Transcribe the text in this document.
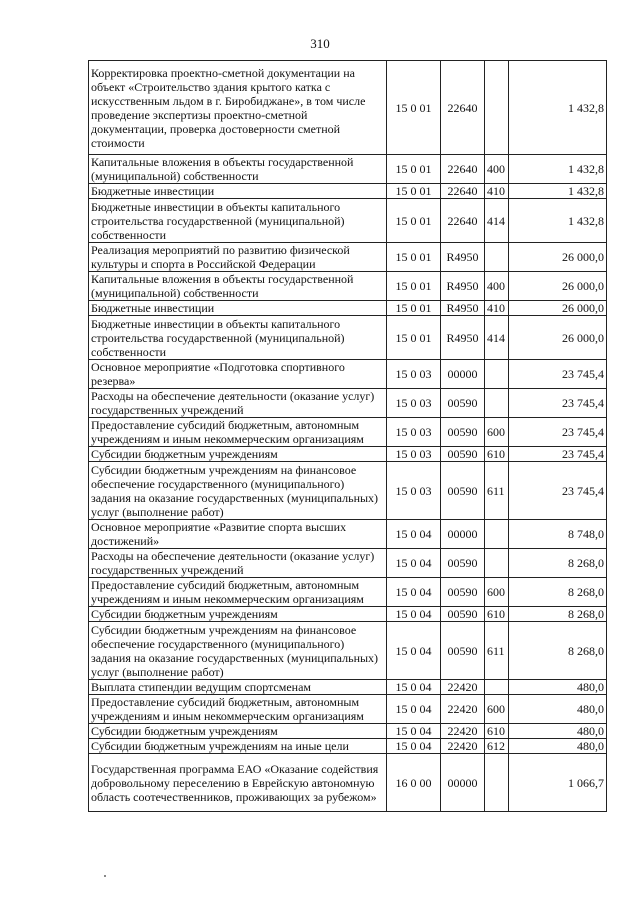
310
Корректировка проектно-сметной документации на объект «Строительство здания крытого катка с искусственным льдом в г. Биробиджане», в том числе проведение экспертизы проектно-сметной документации, проверка достоверности сметной стоимости	15 0 01	22640		1 432,8
Капитальные вложения в объекты государственной (муниципальной) собственности	15 0 01	22640	400	1 432,8
Бюджетные инвестиции	15 0 01	22640	410	1 432,8
Бюджетные инвестиции в объекты капитального строительства государственной (муниципальной) собственности	15 0 01	22640	414	1 432,8
Реализация мероприятий по развитию физической культуры и спорта в Российской Федерации	15 0 01	R4950		26 000,0
Капитальные вложения в объекты государственной (муниципальной) собственности	15 0 01	R4950	400	26 000,0
Бюджетные инвестиции	15 0 01	R4950	410	26 000,0
Бюджетные инвестиции в объекты капитального строительства государственной (муниципальной) собственности	15 0 01	R4950	414	26 000,0
Основное мероприятие «Подготовка спортивного резерва»	15 0 03	00000		23 745,4
Расходы на обеспечение деятельности (оказание услуг) государственных учреждений	15 0 03	00590		23 745,4
Предоставление субсидий бюджетным, автономным учреждениям и иным некоммерческим организациям	15 0 03	00590	600	23 745,4
Субсидии бюджетным учреждениям	15 0 03	00590	610	23 745,4
Субсидии бюджетным учреждениям на финансовое обеспечение государственного (муниципального) задания на оказание государственных (муниципальных) услуг (выполнение работ)	15 0 03	00590	611	23 745,4
Основное мероприятие «Развитие спорта высших достижений»	15 0 04	00000		8 748,0
Расходы на обеспечение деятельности (оказание услуг) государственных учреждений	15 0 04	00590		8 268,0
Предоставление субсидий бюджетным, автономным учреждениям и иным некоммерческим организациям	15 0 04	00590	600	8 268,0
Субсидии бюджетным учреждениям	15 0 04	00590	610	8 268,0
Субсидии бюджетным учреждениям на финансовое обеспечение государственного (муниципального) задания на оказание государственных (муниципальных) услуг (выполнение работ)	15 0 04	00590	611	8 268,0
Выплата стипендии ведущим спортсменам	15 0 04	22420		480,0
Предоставление субсидий бюджетным, автономным учреждениям и иным некоммерческим организациям	15 0 04	22420	600	480,0
Субсидии бюджетным учреждениям	15 0 04	22420	610	480,0
Субсидии бюджетным учреждениям на иные цели	15 0 04	22420	612	480,0
Государственная программа ЕАО «Оказание содействия добровольному переселению в Еврейскую автономную область соотечественников, проживающих за рубежом»	16 0 00	00000		1 066,7
